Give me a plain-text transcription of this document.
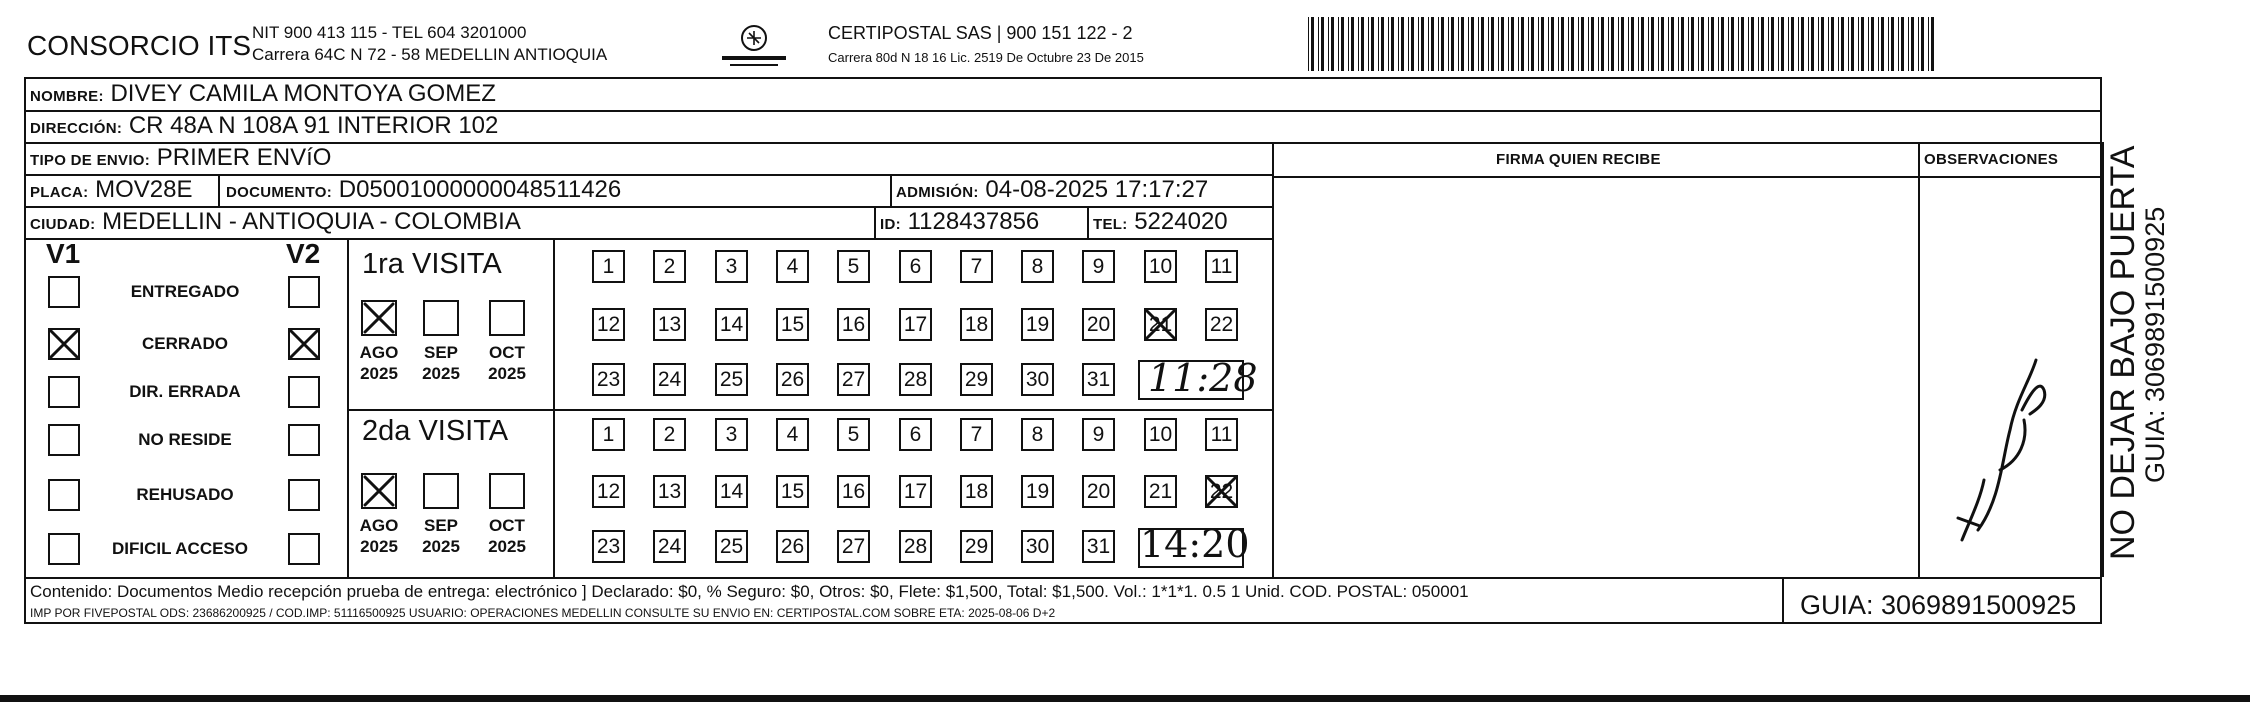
CONSORCIO ITS NIT 900 413 115 - TEL 604 3201000
Carrera 64C N 72 - 58 MEDELLIN ANTIOQUIA
CERTIPOSTAL SAS | 900 151 122 - 2
Carrera 80d N 18 16 Lic. 2519 De Octubre 23 De 2015
NOMBRE: DIVEY CAMILA MONTOYA GOMEZ
DIRECCIÓN: CR 48A N 108A 91 INTERIOR 102
TIPO DE ENVIO: PRIMER ENVíO	FIRMA QUIEN RECIBE	OBSERVACIONES
PLACA: MOV28E DOCUMENTO: D05001000000048511426	ADMISIÓN: 04-08-2025 17:17:27
CIUDAD: MEDELLIN - ANTIOQUIA - COLOMBIA	ID: 1128437856	TEL: 5224020
V1	V2
ENTREGADO
CERRADO
DIR. ERRADA
NO RESIDE
REHUSADO
DIFICIL ACCESO
1ra VISITA
AGO
2025
SEP
2025
OCT
2025
1	2	3	4	5	6	7	8	9	10 11
12 13 14 15 16 17 18 19 20 21 22
23 24 25 26 27 28 29 30 31 11:28
2da VISITA
AGO
2025
SEP
2025
OCT
2025
1	2	3	4	5	6	7	8	9	10 11
12 13 14 15 16 17 18 19 20 21 22
23 24 25 26 27 28 29 30 31 14:20	NO DEJAR BAJO PUERTA
GUIA: 3069891500925
Contenido: Documentos Medio recepción prueba de entrega: electrónico ] Declarado: $0, % Seguro: $0, Otros: $0, Flete: $1,500, Total: $1,500. Vol.: 1*1*1. 0.5 1 Unid. COD. POSTAL: 050001
IMP POR FIVEPOSTAL ODS: 23686200925 / COD.IMP: 51116500925 USUARIO: OPERACIONES MEDELLIN CONSULTE SU ENVIO EN: CERTIPOSTAL.COM SOBRE ETA: 2025-08-06 D+2	GUIA: 3069891500925
